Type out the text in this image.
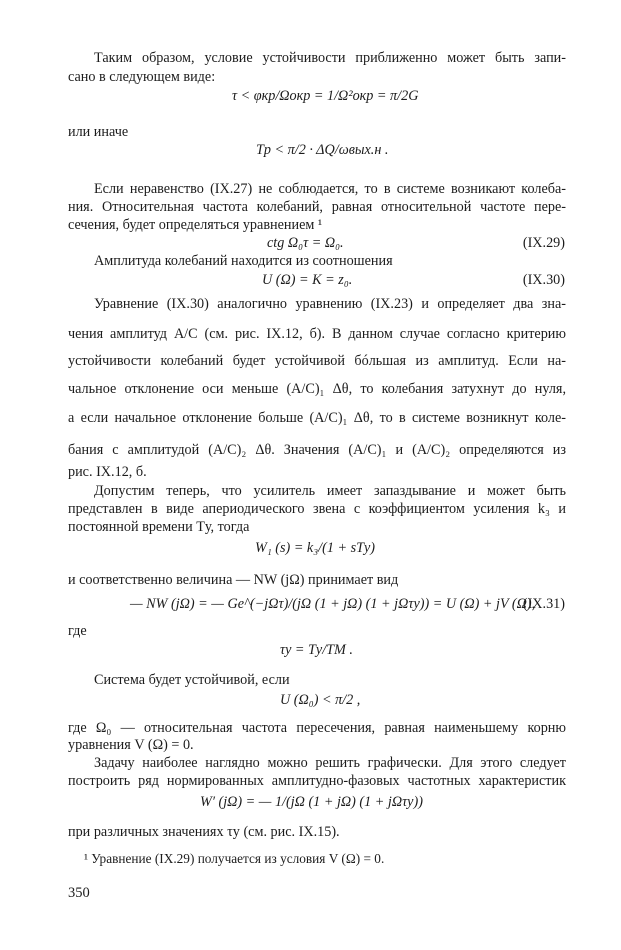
Таким образом, условие устойчивости приближенно может быть запи-
сано в следующем виде:
τ < φкр/Ωокр = 1/Ω²окр = π/2G
или иначе
Tp < π/2 · ΔQ/ωвых.н .
Если неравенство (IX.27) не соблюдается, то в системе возникают колеба-
ния. Относительная частота колебаний, равная относительной частоте пере-
сечения, будет определяться уравнением ¹
ctg Ω₀τ = Ω₀.	(IX.29)
Амплитуда колебаний находится из соотношения
U (Ω) = K = z₀.	(IX.30)
Уравнение (IX.30) аналогично уравнению (IX.23) и определяет два зна-
чения амплитуд A/C (см. рис. IX.12, б). В данном случае согласно критерию
устойчивости колебаний будет устойчивой бóльшая из амплитуд. Если на-
чальное отклонение оси меньше (A/C)₁ Δθ, то колебания затухнут до нуля,
а если начальное отклонение больше (A/C)₁ Δθ, то в системе возникнут коле-
бания с амплитудой (A/C)₂ Δθ. Значения (A/C)₁ и (A/C)₂ определяются из
рис. IX.12, б.
Допустим теперь, что усилитель имеет запаздывание и может быть
представлен в виде апериодического звена с коэффициентом усиления k₃ и
постоянной времени Tу, тогда
W₁ (s) = k₃/(1 + sTу)
и соответственно величина — NW (jΩ) принимает вид
— NW (jΩ) = — Ge^(−jΩτ)/(jΩ (1 + jΩ) (1 + jΩτу)) = U (Ω) + jV (Ω),
(IX.31)
где
τу = Tу/TM .
Система будет устойчивой, если
U (Ω₀) < π/2 ,
где Ω₀ — относительная частота пересечения, равная наименьшему корню
уравнения V (Ω) = 0.
Задачу наиболее наглядно можно решить графически. Для этого следует
построить ряд нормированных амплитудно-фазовых частотных характеристик
W′ (jΩ) = — 1/(jΩ (1 + jΩ) (1 + jΩτу))
при различных значениях τу (см. рис. IX.15).
¹ Уравнение (IX.29) получается из условия V (Ω) = 0.
350
